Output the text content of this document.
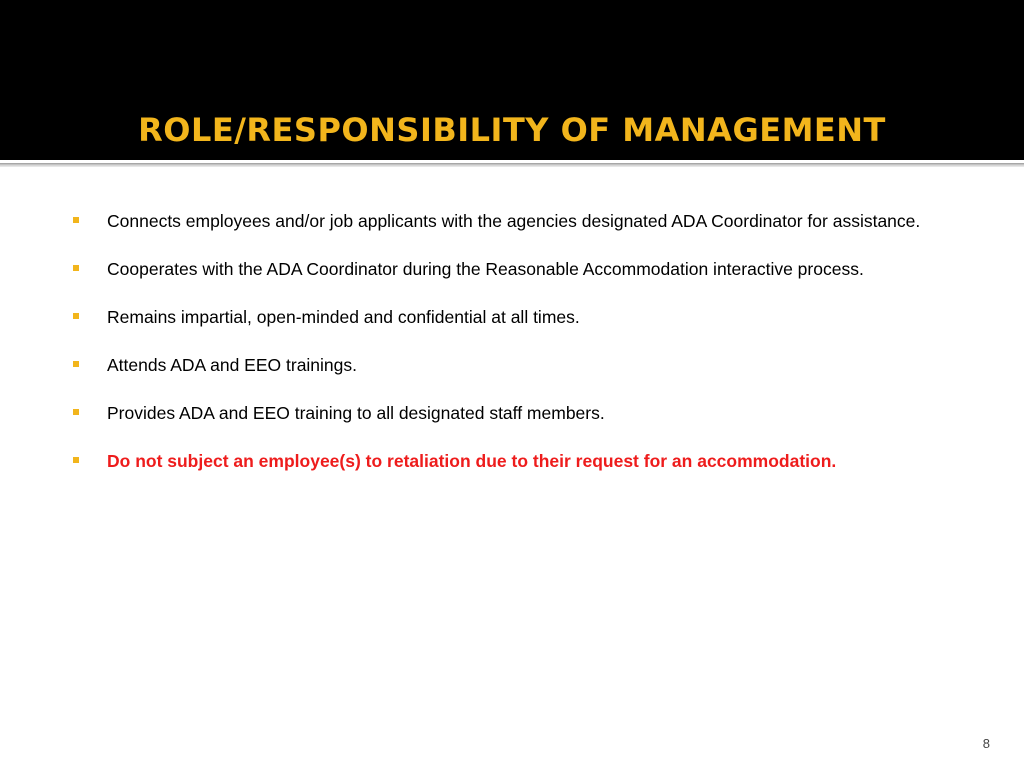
ROLE/RESPONSIBILITY OF MANAGEMENT
Connects employees and/or job applicants with the agencies designated ADA Coordinator for assistance.
Cooperates with the ADA Coordinator during the Reasonable Accommodation interactive process.
Remains impartial, open-minded and confidential at all times.
Attends ADA and EEO trainings.
Provides ADA and EEO training to all designated staff members.
Do not subject an employee(s) to retaliation due to their request for an accommodation.
8
